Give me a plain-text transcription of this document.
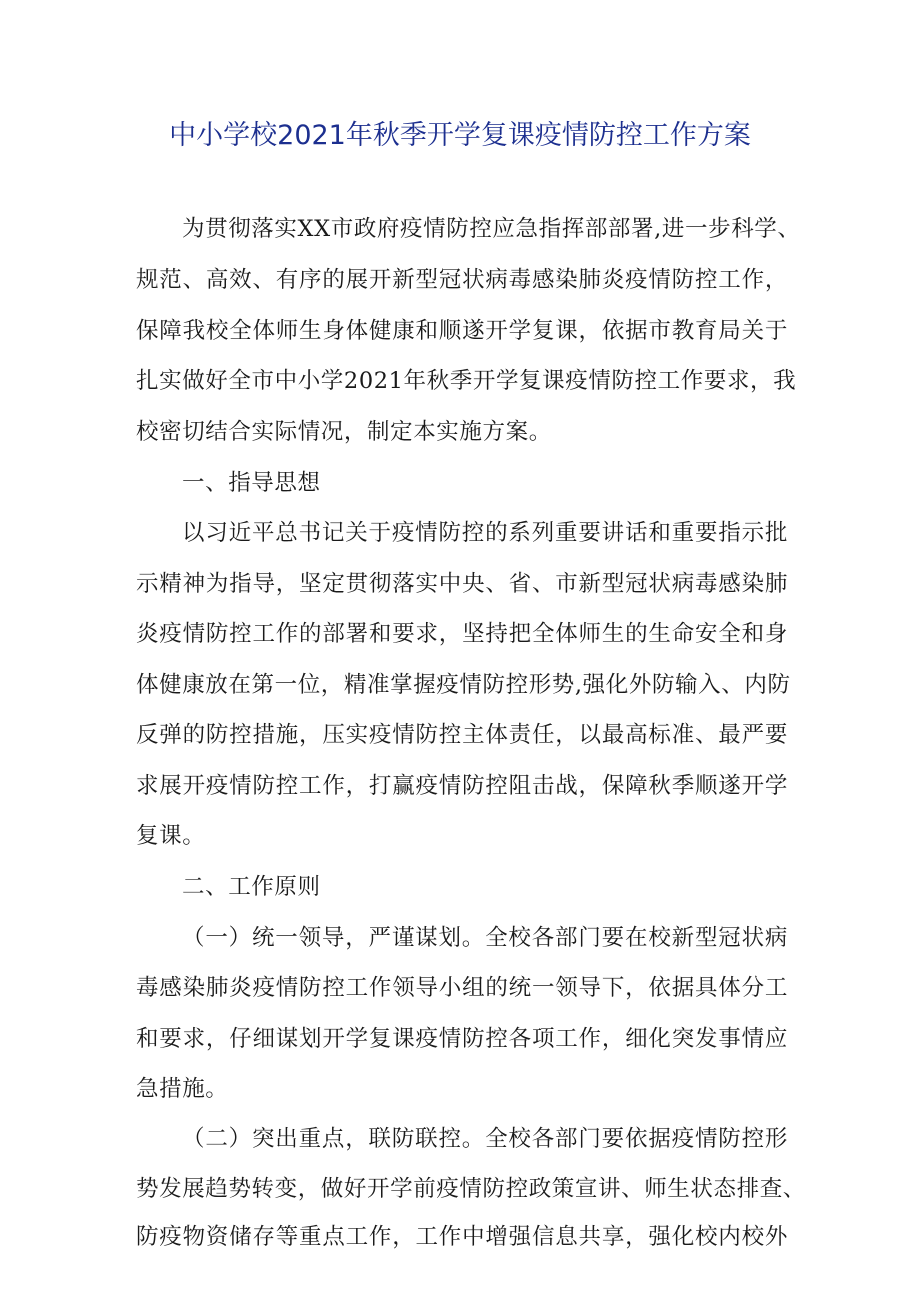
中小学校2021年秋季开学复课疫情防控工作方案
为贯彻落实XX市政府疫情防控应急指挥部部署,进一步科学、
规范、高效、有序的展开新型冠状病毒感染肺炎疫情防控工作，
保障我校全体师生身体健康和顺遂开学复课，依据市教育局关于
扎实做好全市中小学2021年秋季开学复课疫情防控工作要求，我
校密切结合实际情况，制定本实施方案。
一、指导思想
以习近平总书记关于疫情防控的系列重要讲话和重要指示批
示精神为指导，坚定贯彻落实中央、省、市新型冠状病毒感染肺
炎疫情防控工作的部署和要求，坚持把全体师生的生命安全和身
体健康放在第一位，精准掌握疫情防控形势,强化外防输入、内防
反弹的防控措施，压实疫情防控主体责任，以最高标准、最严要
求展开疫情防控工作，打赢疫情防控阻击战，保障秋季顺遂开学
复课。
二、工作原则
（一）统一领导，严谨谋划。全校各部门要在校新型冠状病
毒感染肺炎疫情防控工作领导小组的统一领导下，依据具体分工
和要求，仔细谋划开学复课疫情防控各项工作，细化突发事情应
急措施。
（二）突出重点，联防联控。全校各部门要依据疫情防控形
势发展趋势转变，做好开学前疫情防控政策宣讲、师生状态排查、
防疫物资储存等重点工作，工作中增强信息共享，强化校内校外
